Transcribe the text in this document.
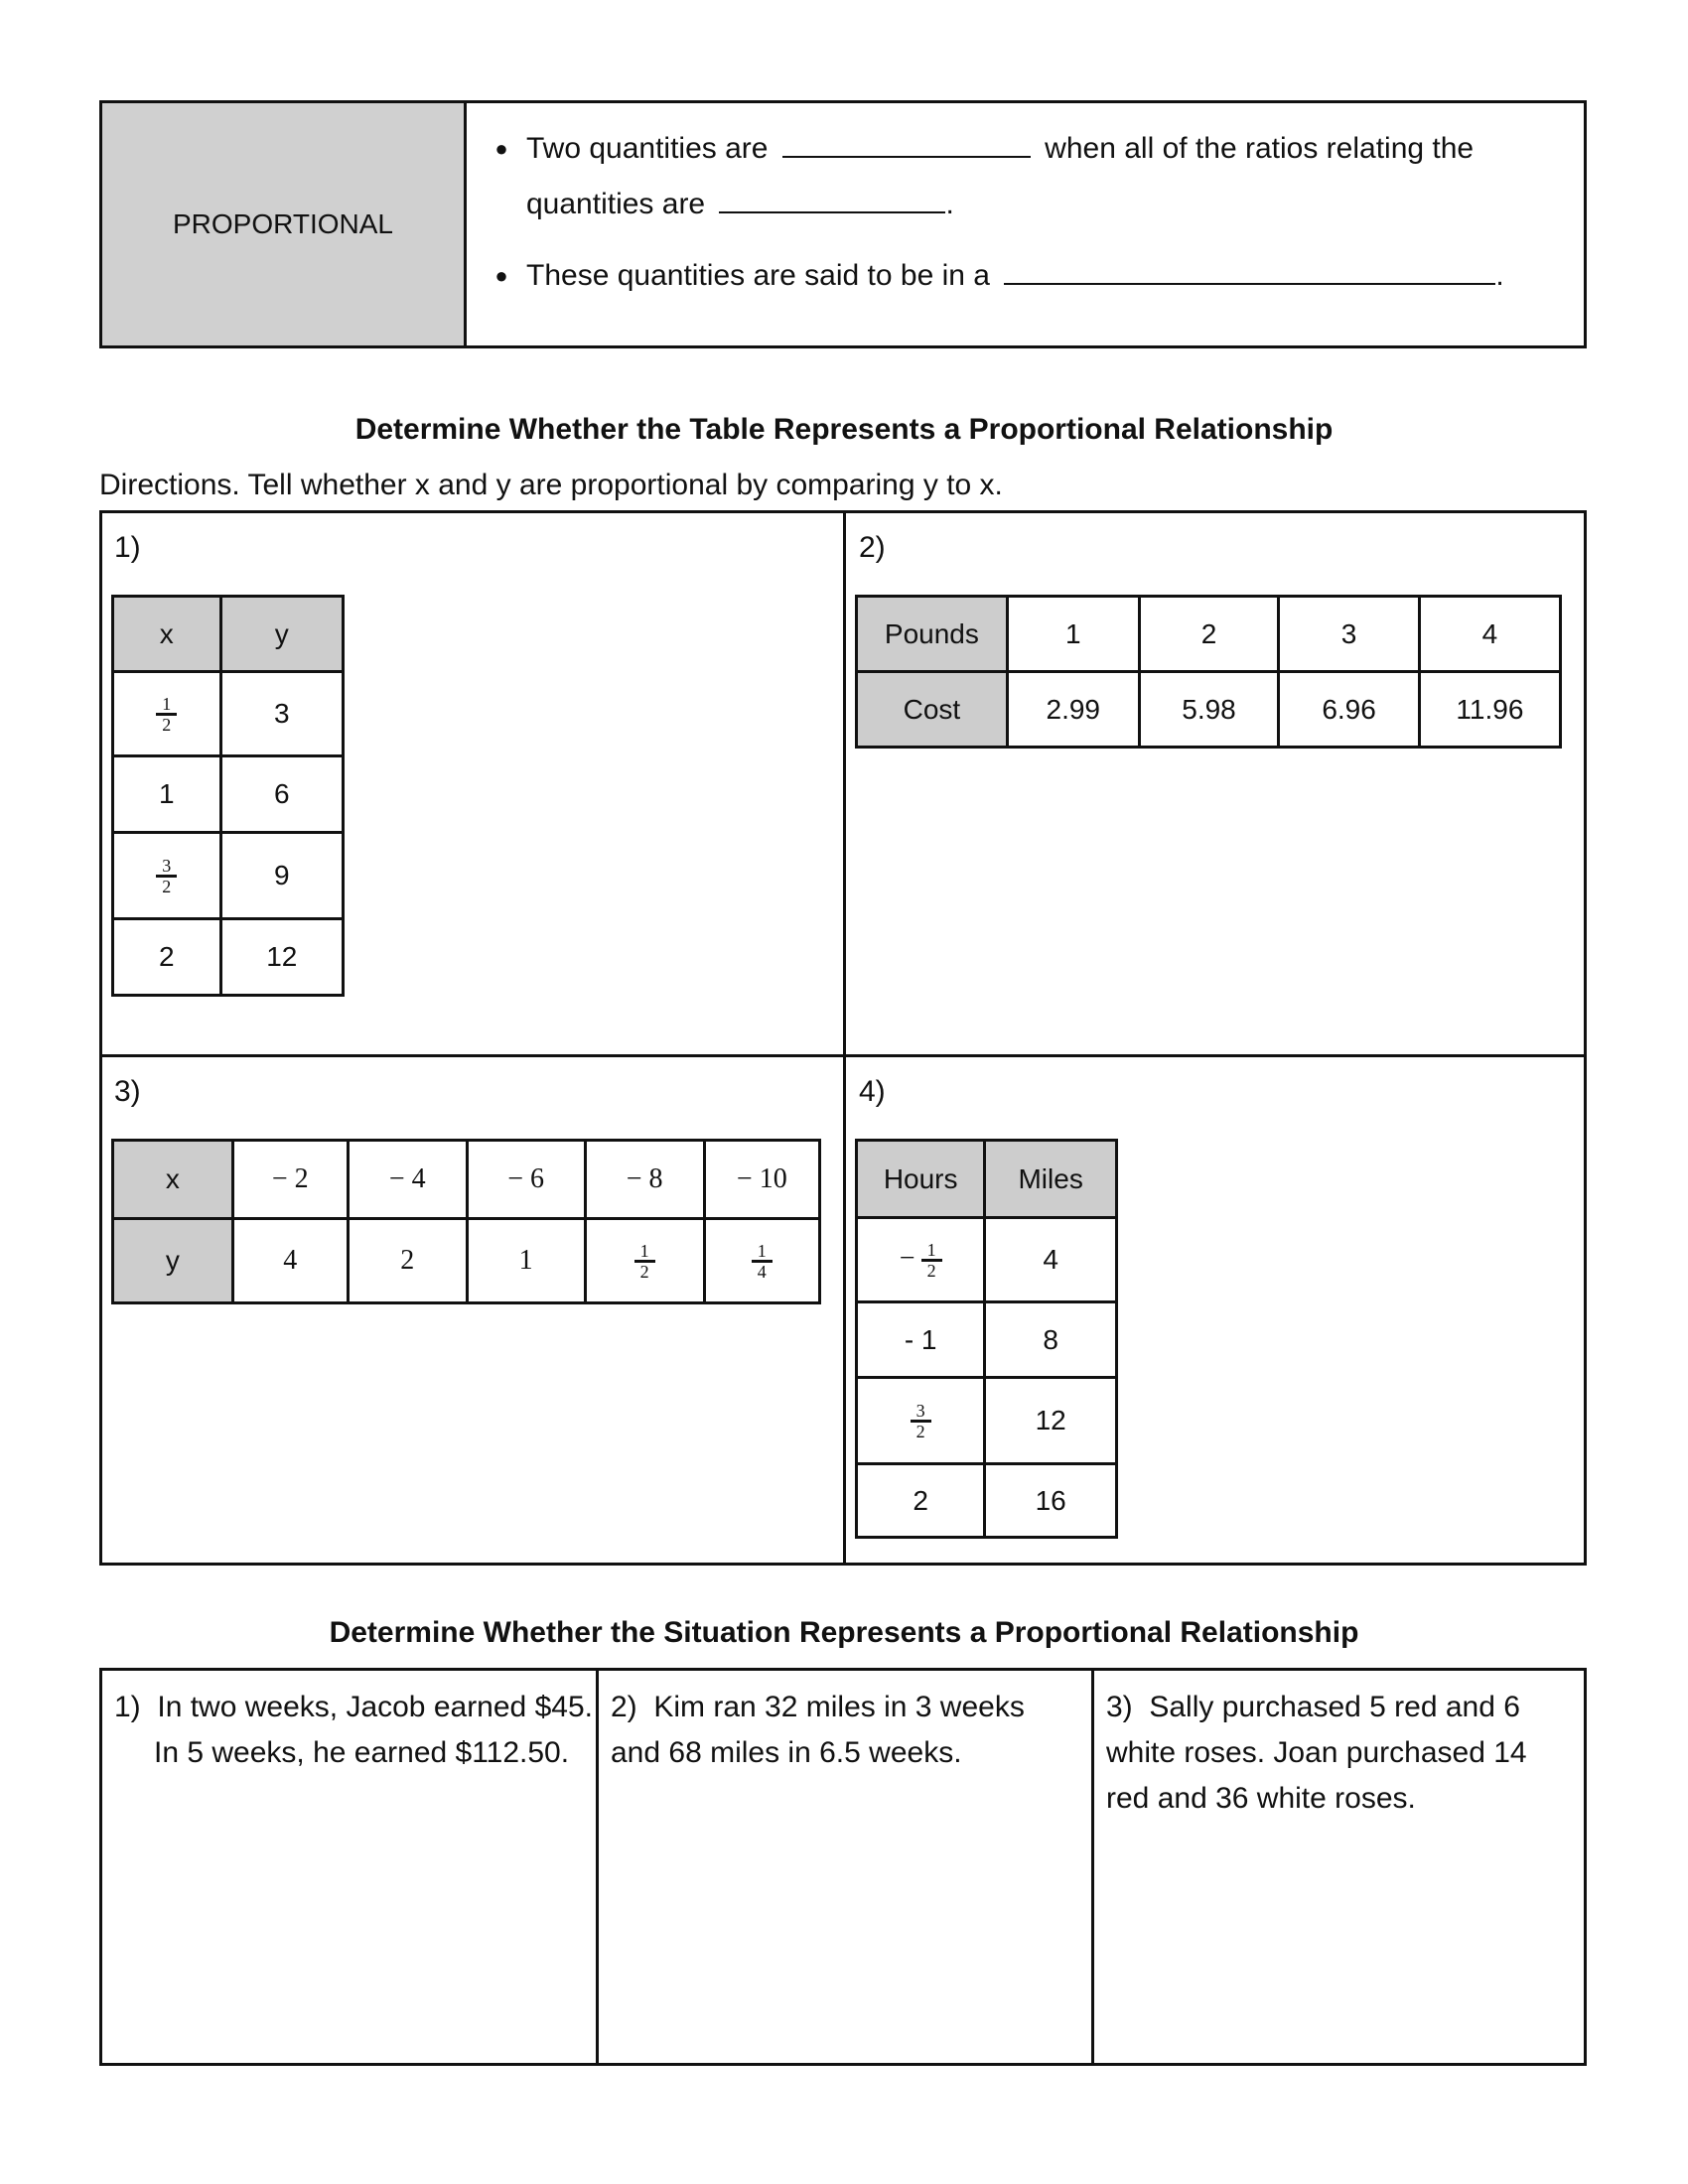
PROPORTIONAL
● Two quantities are	when all of the ratios relating the
quantities are	.
● These quantities are said to be in a	.
Determine Whether the Table Represents a Proportional Relationship
Directions. Tell whether x and y are proportional by comparing y to x.
1)	2)
3)	4)
x	y

$\frac{1}{2}$	3
1	6

$\frac{3}{2}$	9
2	12
Pounds	1	2	3	4
Cost	2.99	5.98	6.96	11.96
x	− 2	− 4	− 6	− 8	− 10
y	4	2	1	$\frac{1}{2}$	$\frac{1}{4}$
Hours	Miles
− $\frac{1}{2}$	4
- 1	8

$\frac{3}{2}$	12
2	16
Determine Whether the Situation Represents a Proportional Relationship
1) In two weeks, Jacob earned $45. In 5 weeks, he earned $112.50.
2) Kim ran 32 miles in 3 weeks and 68 miles in 6.5 weeks.
3) Sally purchased 5 red and 6 white roses. Joan purchased 14 red and 36 white roses.
